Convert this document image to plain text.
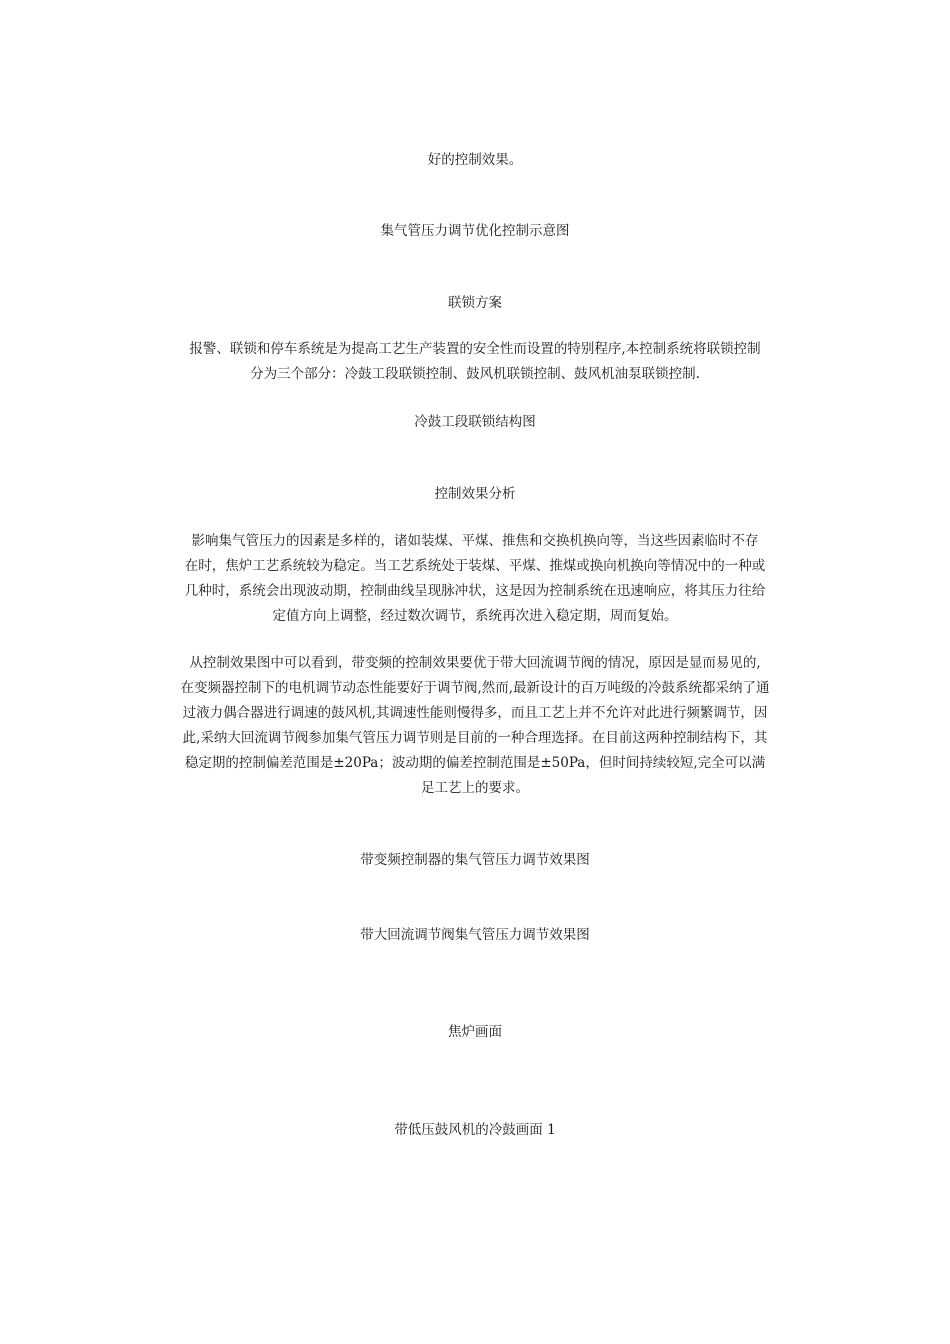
好的控制效果。
集气管压力调节优化控制示意图
联锁方案
报警、联锁和停车系统是为提高工艺生产装置的安全性而设置的特别程序,本控制系统将联锁控制
分为三个部分：冷鼓工段联锁控制、鼓风机联锁控制、鼓风机油泵联锁控制.
冷鼓工段联锁结构图
控制效果分析
影响集气管压力的因素是多样的，诸如装煤、平煤、推焦和交换机换向等，当这些因素临时不存
在时，焦炉工艺系统较为稳定。当工艺系统处于装煤、平煤、推煤或换向机换向等情况中的一种或
几种时，系统会出现波动期，控制曲线呈现脉冲状，这是因为控制系统在迅速响应，将其压力往给
定值方向上调整，经过数次调节，系统再次进入稳定期，周而复始。
从控制效果图中可以看到，带变频的控制效果要优于带大回流调节阀的情况，原因是显而易见的,
在变频器控制下的电机调节动态性能要好于调节阀,然而,最新设计的百万吨级的冷鼓系统都采纳了通
过液力偶合器进行调速的鼓风机,其调速性能则慢得多，而且工艺上并不允许对此进行频繁调节，因
此,采纳大回流调节阀参加集气管压力调节则是目前的一种合理选择。在目前这两种控制结构下，其
稳定期的控制偏差范围是±20Pa；波动期的偏差控制范围是±50Pa，但时间持续较短,完全可以满
足工艺上的要求。
带变频控制器的集气管压力调节效果图
带大回流调节阀集气管压力调节效果图
焦炉画面
带低压鼓风机的冷鼓画面 1
